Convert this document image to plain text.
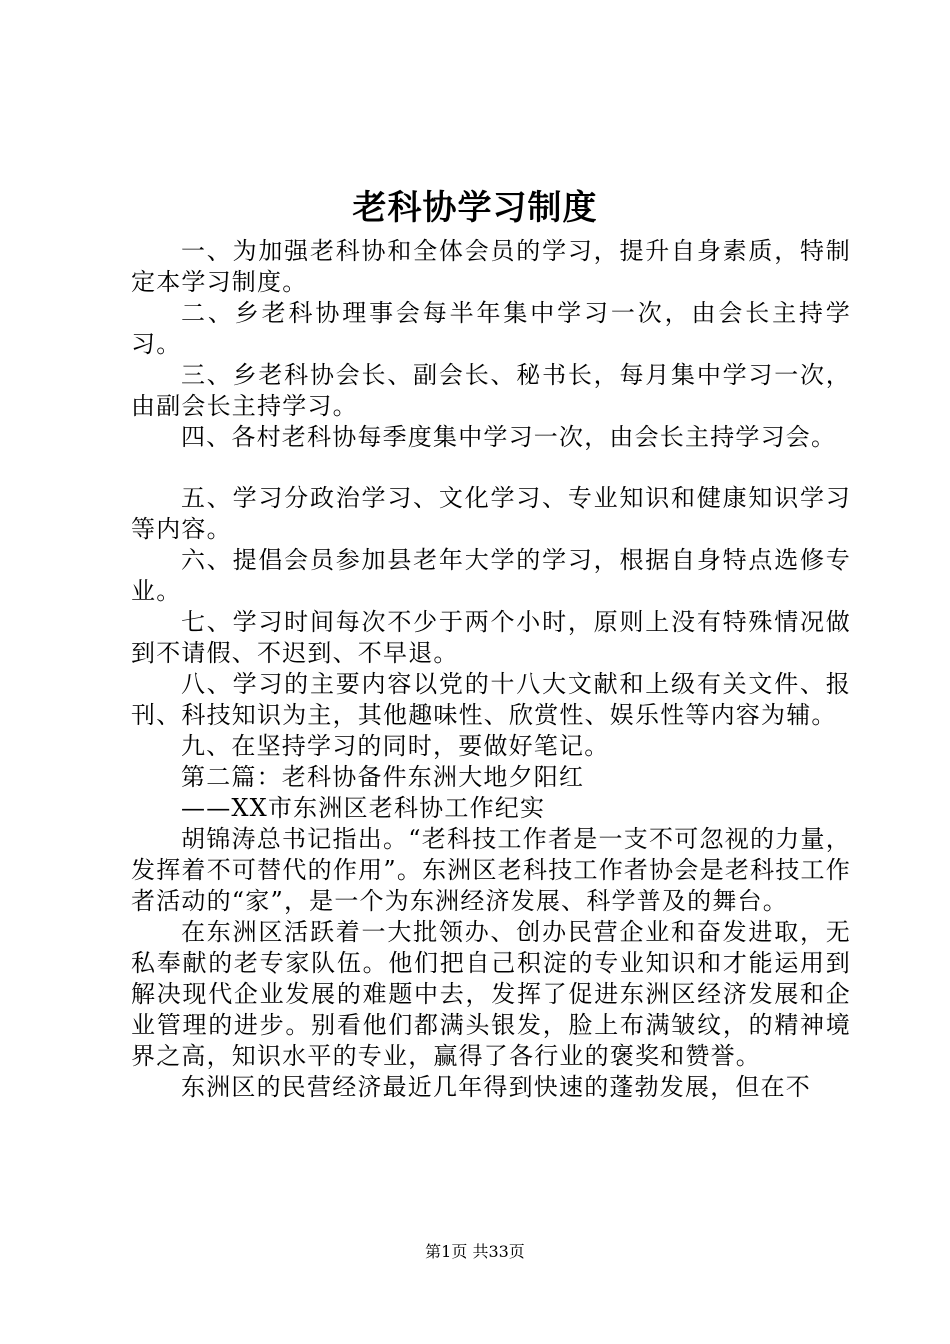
老科协学习制度

一、为加强老科协和全体会员的学习，提升自身素质，特制定本学习制度。

二、乡老科协理事会每半年集中学习一次，由会长主持学习。

三、乡老科协会长、副会长、秘书长，每月集中学习一次，由副会长主持学习。

四、各村老科协每季度集中学习一次，由会长主持学习会。

五、学习分政治学习、文化学习、专业知识和健康知识学习等内容。

六、提倡会员参加县老年大学的学习，根据自身特点选修专业。

七、学习时间每次不少于两个小时，原则上没有特殊情况做到不请假、不迟到、不早退。

八、学习的主要内容以党的十八大文献和上级有关文件、报刊、科技知识为主，其他趣味性、欣赏性、娱乐性等内容为辅。

九、在坚持学习的同时，要做好笔记。

第二篇：老科协备件东洲大地夕阳红

——XX市东洲区老科协工作纪实

胡锦涛总书记指出。“老科技工作者是一支不可忽视的力量，发挥着不可替代的作用”。东洲区老科技工作者协会是老科技工作者活动的“家”，是一个为东洲经济发展、科学普及的舞台。

在东洲区活跃着一大批领办、创办民营企业和奋发进取，无私奉献的老专家队伍。他们把自己积淀的专业知识和才能运用到解决现代企业发展的难题中去，发挥了促进东洲区经济发展和企业管理的进步。别看他们都满头银发，脸上布满皱纹，的精神境界之高，知识水平的专业，赢得了各行业的褒奖和赞誉。

东洲区的民营经济最近几年得到快速的蓬勃发展，但在不

第1页 共33页
